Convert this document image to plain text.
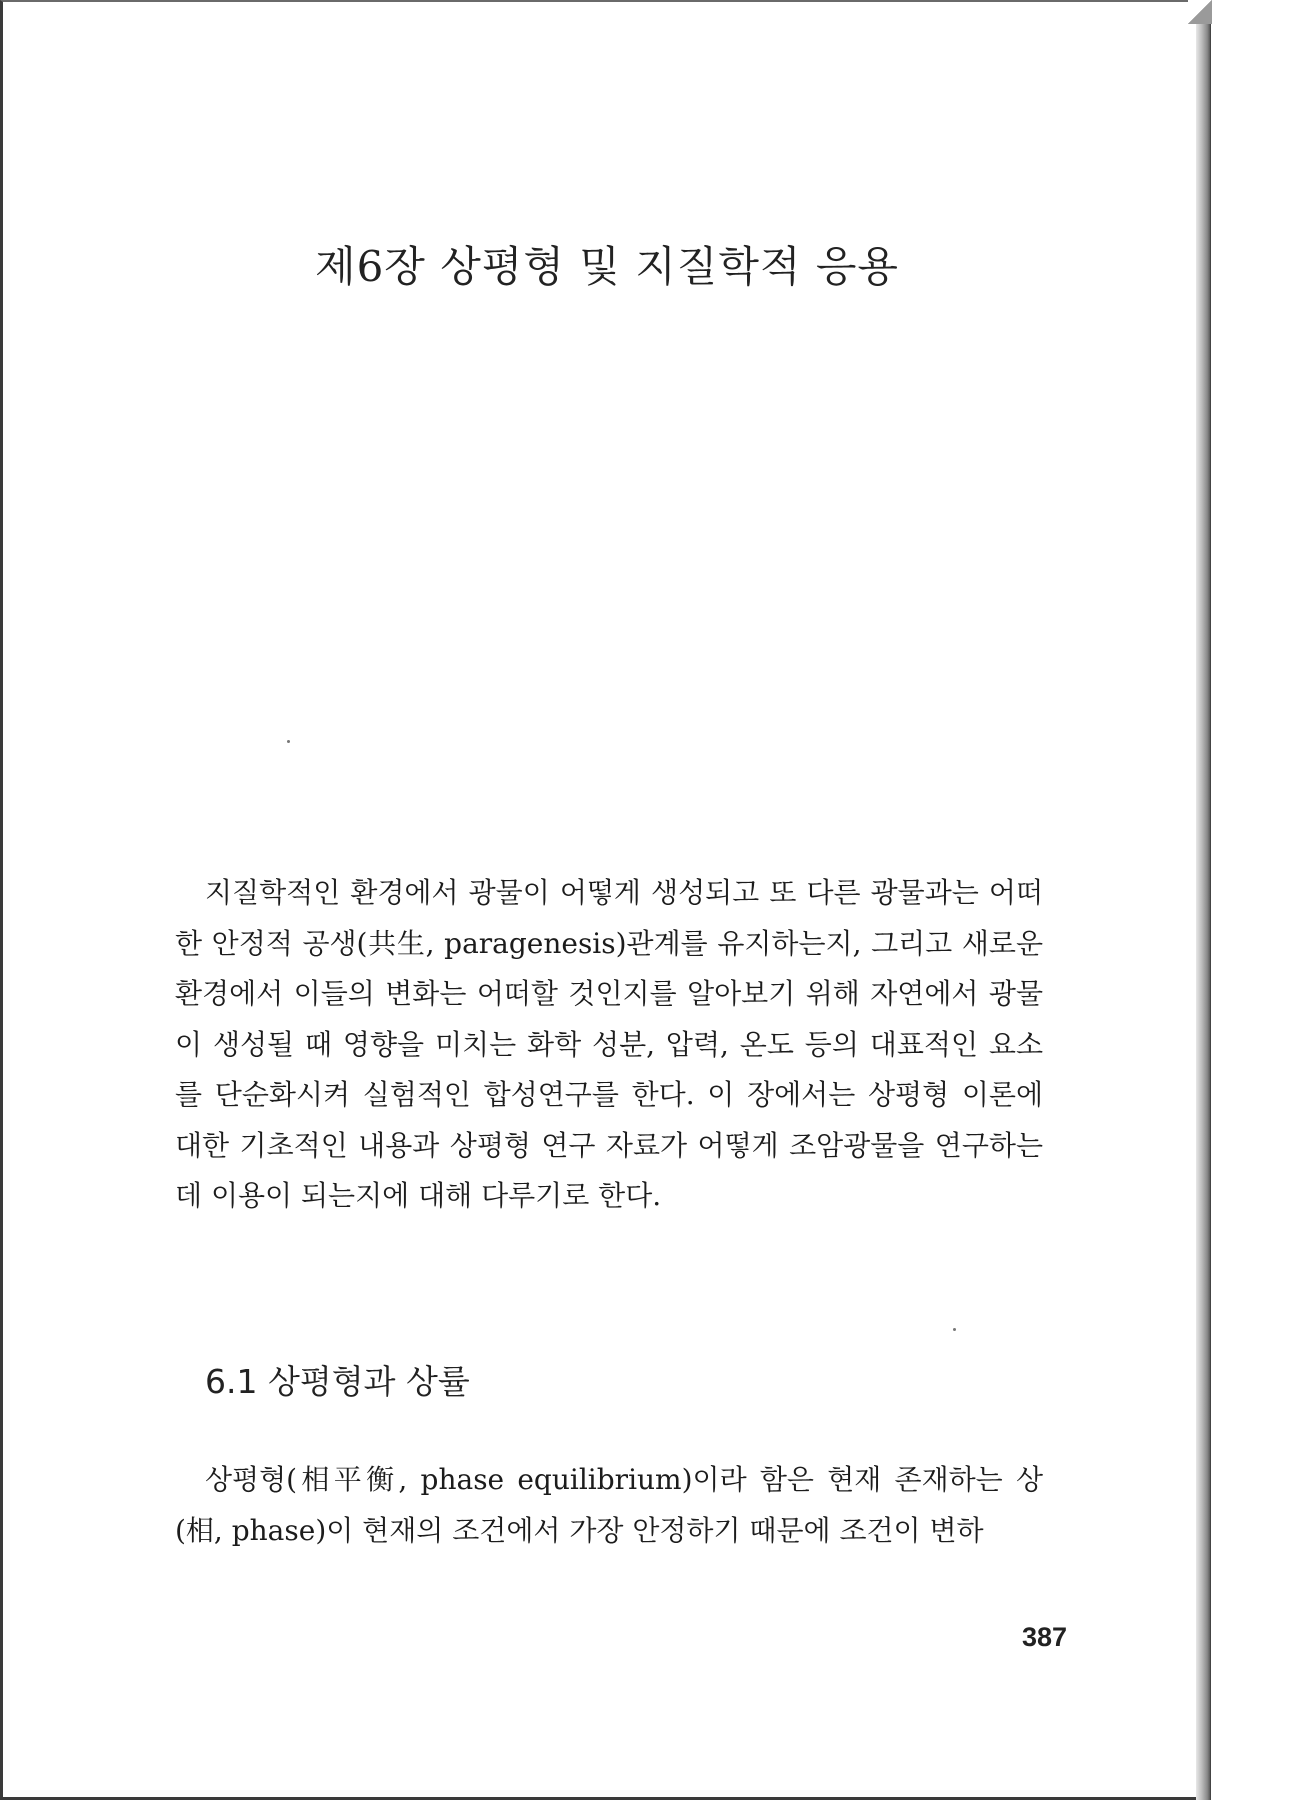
제6장 상평형 및 지질학적 응용

지질학적인 환경에서 광물이 어떻게 생성되고 또 다른 광물과는 어떠한 안정적 공생(共生, paragenesis)관계를 유지하는지, 그리고 새로운 환경에서 이들의 변화는 어떠할 것인지를 알아보기 위해 자연에서 광물이 생성될 때 영향을 미치는 화학 성분, 압력, 온도 등의 대표적인 요소를 단순화시켜 실험적인 합성연구를 한다. 이 장에서는 상평형 이론에 대한 기초적인 내용과 상평형 연구 자료가 어떻게 조암광물을 연구하는 데 이용이 되는지에 대해 다루기로 한다.

6.1 상평형과 상률

상평형(相平衡, phase equilibrium)이라 함은 현재 존재하는 상(相, phase)이 현재의 조건에서 가장 안정하기 때문에 조건이 변하

387
